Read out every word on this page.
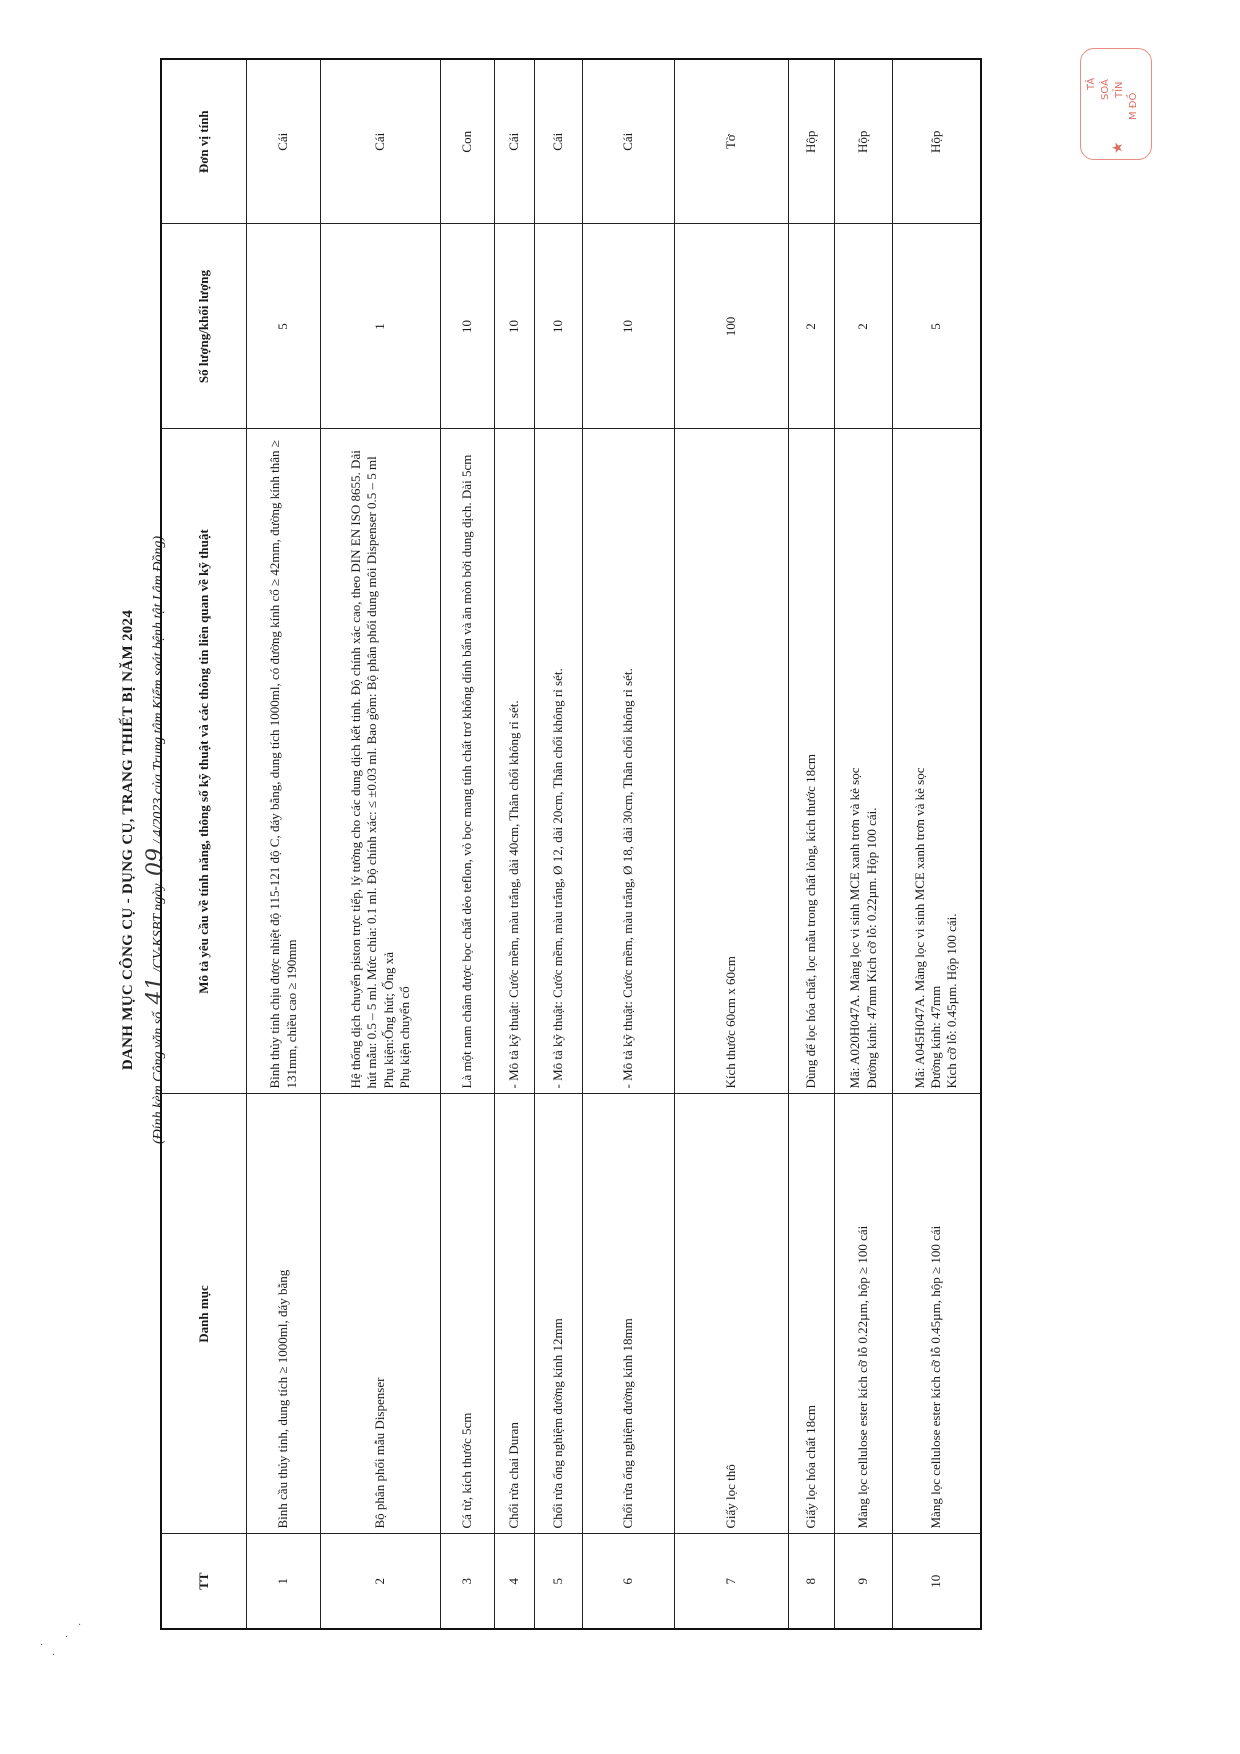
DANH MỤC CÔNG CỤ - DỤNG CỤ, TRANG THIẾT BỊ NĂM 2024
(Đính kèm Công văn số 41/CV-KSBT ngày 09/ 4/2023 của Trung tâm Kiểm soát bệnh tật Lâm Đồng)
TT	Danh mục	Mô tả yêu cầu về tính năng, thông số kỹ thuật và các thông tin liên quan về kỹ thuật	Số lượng/khối lượng	Đơn vị tính
1	Bình cầu thủy tinh, dung tích ≥ 1000ml, đáy bằng	Bình thủy tinh chịu được nhiệt độ 115-121 độ C, đáy bằng, dung tích 1000ml, có đường kính cổ ≥ 42mm, đường kính thân ≥ 131mm, chiều cao ≥ 190mm	5	Cái
2	Bộ phân phối mẫu Dispenser	Hệ thống dịch chuyển piston trực tiếp, lý tưởng cho các dung dịch kết tinh. Độ chính xác cao, theo DIN EN ISO 8655. Dải hút mẫu: 0.5 – 5 ml. Mức chia: 0.1 ml. Độ chính xác: ≤ ±0.03 ml. Bao gồm: Bộ phân phối dung môi Dispenser 0.5 – 5 ml Phụ kiện:Ống hút; Ống xả Phụ kiện chuyển cổ	1	Cái
3	Cá từ, kích thước 5cm	Là một nam châm được bọc chất dẻo teflon, vỏ bọc mang tính chất trơ không dính bẩn và ăn mòn bởi dung dịch. Dài 5cm	10	Con
4	Chổi rửa chai Duran	- Mô tả kỹ thuật: Cước mềm, màu trắng, dài 40cm, Thân chổi không rỉ sét.	10	Cái
5	Chổi rửa ống nghiệm đường kính 12mm	- Mô tả kỹ thuật: Cước mềm, màu trắng, Ø 12, dài 20cm, Thân chổi không rỉ sét.	10	Cái
6	Chổi rửa ống nghiệm đường kính 18mm	- Mô tả kỹ thuật: Cước mềm, màu trắng, Ø 18, dài 30cm, Thân chổi không rỉ sét.	10	Cái
7	Giấy lọc thô	Kích thước 60cm x 60cm	100	Tờ
8	Giấy lọc hóa chất 18cm	Dùng để lọc hóa chất, lọc mẫu trong chất lỏng, kích thước 18cm	2	Hộp
9	Màng lọc cellulose ester kích cỡ lỗ 0.22µm, hộp ≥ 100 cái	Mã: A020H047A. Màng lọc vi sinh MCE xanh trơn và kẻ sọc Đường kính: 47mm Kích cỡ lỗ: 0.22µm. Hộp 100 cái.	2	Hộp
10	Màng lọc cellulose ester kích cỡ lỗ 0.45µm, hộp ≥ 100 cái	Mã: A045H047A. Màng lọc vi sinh MCE xanh trơn và kẻ sọc Đường kính: 47mm Kích cỡ lỗ: 0.45µm. Hộp 100 cái.	5	Hộp
TÂ SOÁ TỈN
M ĐỒ
★
·
·
·
·
